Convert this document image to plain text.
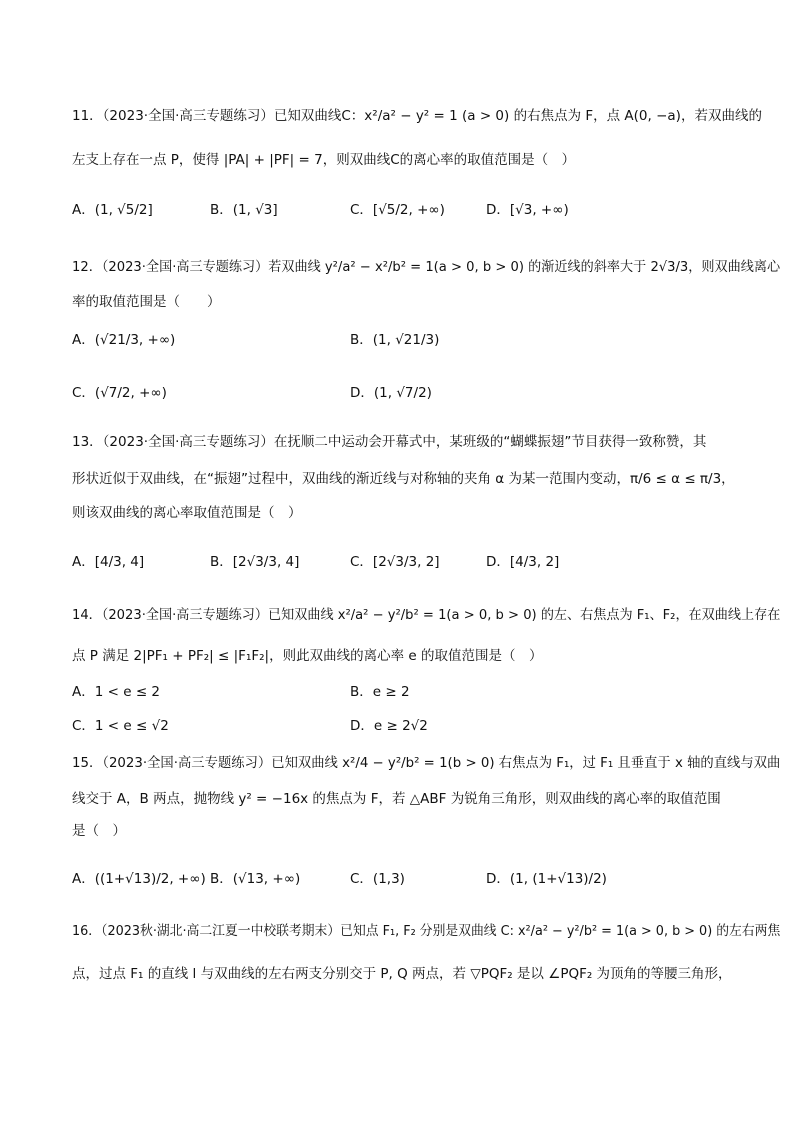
11．（2023·全国·高三专题练习）已知双曲线C：x²/a² − y² = 1 (a > 0) 的右焦点为 F，点 A(0, −a)，若双曲线的
左支上存在一点 P，使得 |PA| + |PF| = 7，则双曲线C的离心率的取值范围是（　）
A．(1, √5/2]	B．(1, √3]	C．[√5/2, +∞)	D．[√3, +∞)
12．（2023·全国·高三专题练习）若双曲线 y²/a² − x²/b² = 1(a > 0, b > 0) 的渐近线的斜率大于 2√3/3，则双曲线离心
率的取值范围是（　　）
A．(√21/3, +∞)	B．(1, √21/3)
C．(√7/2, +∞)	D．(1, √7/2)
13．（2023·全国·高三专题练习）在抚顺二中运动会开幕式中，某班级的“蝴蝶振翅”节目获得一致称赞，其
形状近似于双曲线，在“振翅”过程中，双曲线的渐近线与对称轴的夹角 α 为某一范围内变动，π/6 ≤ α ≤ π/3，
则该双曲线的离心率取值范围是（　）
A．[4/3, 4]	B．[2√3/3, 4]	C．[2√3/3, 2]	D．[4/3, 2]
14．（2023·全国·高三专题练习）已知双曲线 x²/a² − y²/b² = 1(a > 0, b > 0) 的左、右焦点为 F₁、F₂，在双曲线上存在
点 P 满足 2|PF₁ + PF₂| ≤ |F₁F₂|，则此双曲线的离心率 e 的取值范围是（　）
A．1 < e ≤ 2	B．e ≥ 2
C．1 < e ≤ √2	D．e ≥ 2√2
15．（2023·全国·高三专题练习）已知双曲线 x²/4 − y²/b² = 1(b > 0) 右焦点为 F₁，过 F₁ 且垂直于 x 轴的直线与双曲
线交于 A，B 两点，抛物线 y² = −16x 的焦点为 F，若 △ABF 为锐角三角形，则双曲线的离心率的取值范围
是（　）
A．((1+√13)/2, +∞) B．(√13, +∞)	C．(1,3)	D．(1, (1+√13)/2)
16．（2023秋·湖北·高二江夏一中校联考期末）已知点 F₁, F₂ 分别是双曲线 C: x²/a² − y²/b² = 1(a > 0, b > 0) 的左右两焦
点，过点 F₁ 的直线 l 与双曲线的左右两支分别交于 P, Q 两点，若 ▽PQF₂ 是以 ∠PQF₂ 为顶角的等腰三角形，
